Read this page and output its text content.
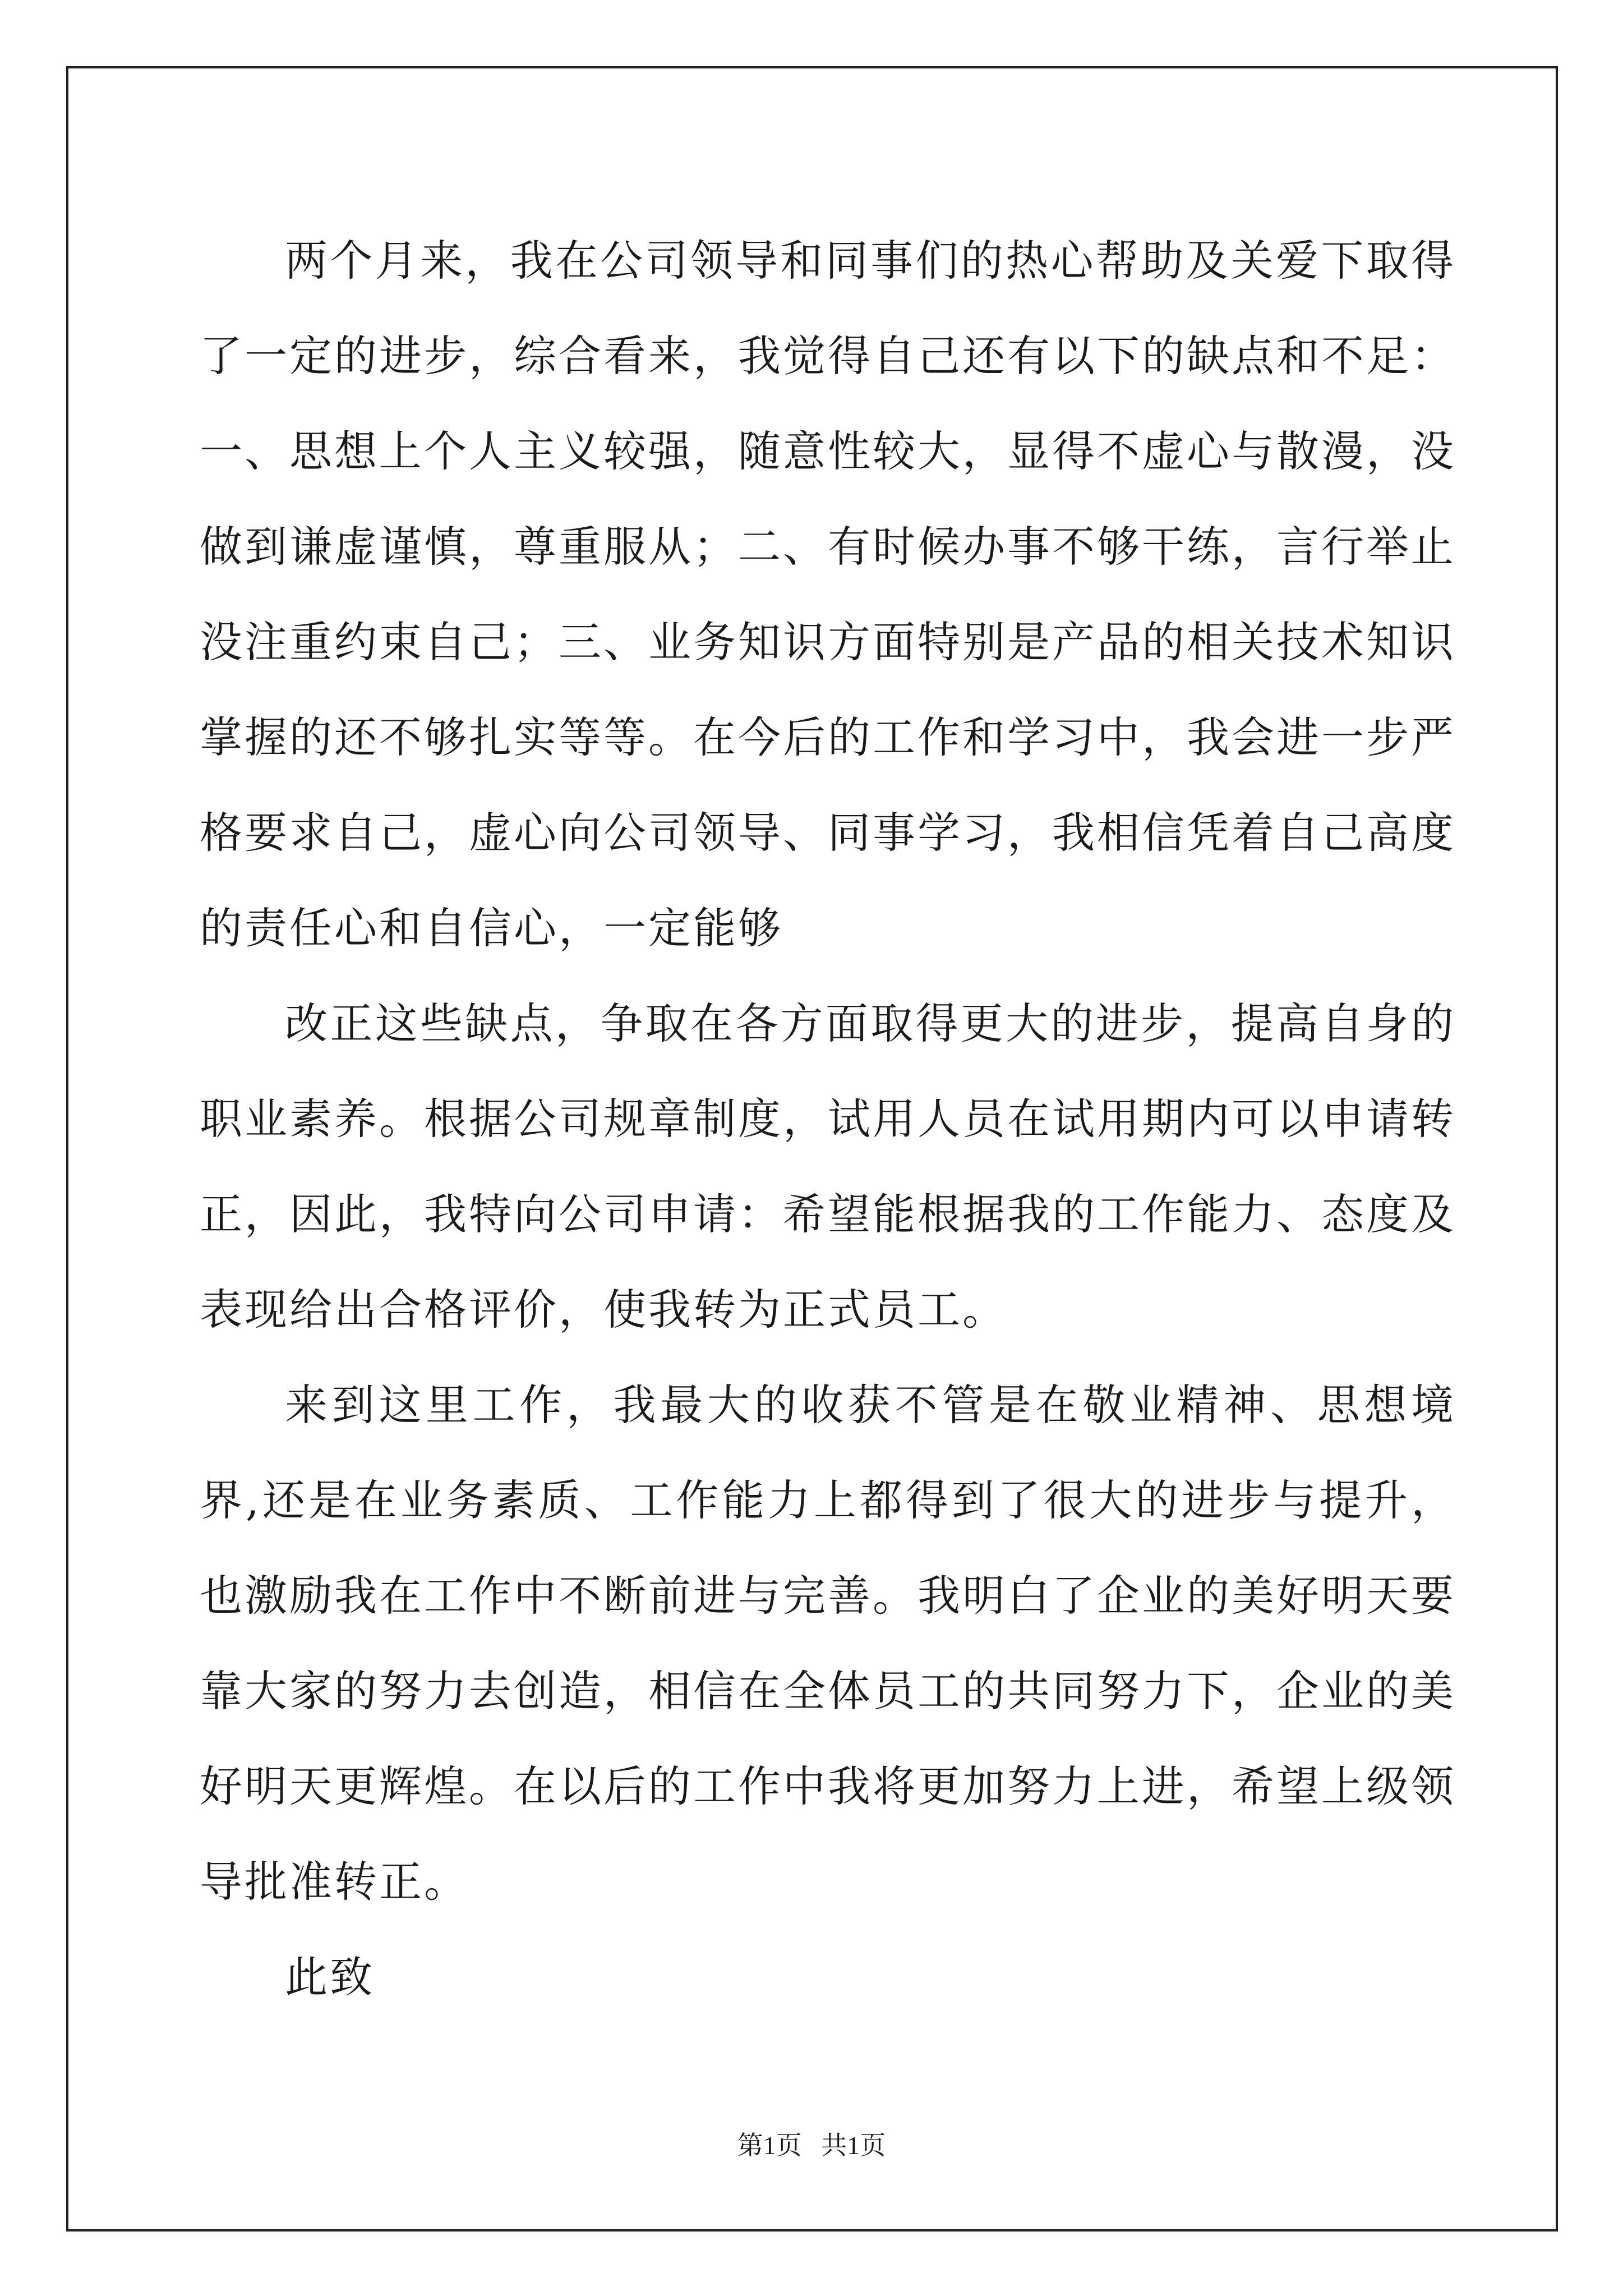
两个月来，我在公司领导和同事们的热心帮助及关爱下取得了一定的进步，综合看来，我觉得自己还有以下的缺点和不足：一、思想上个人主义较强，随意性较大，显得不虚心与散漫，没做到谦虚谨慎，尊重服从；二、有时候办事不够干练，言行举止没注重约束自己；三、业务知识方面特别是产品的相关技术知识掌握的还不够扎实等等。在今后的工作和学习中，我会进一步严格要求自己，虚心向公司领导、同事学习，我相信凭着自己高度的责任心和自信心，一定能够

改正这些缺点，争取在各方面取得更大的进步，提高自身的职业素养。根据公司规章制度，试用人员在试用期内可以申请转正，因此，我特向公司申请：希望能根据我的工作能力、态度及表现给出合格评价，使我转为正式员工。

来到这里工作，我最大的收获不管是在敬业精神、思想境界,还是在业务素质、工作能力上都得到了很大的进步与提升，也激励我在工作中不断前进与完善。我明白了企业的美好明天要靠大家的努力去创造，相信在全体员工的共同努力下，企业的美好明天更辉煌。在以后的工作中我将更加努力上进，希望上级领导批准转正。

此致

第1页   共1页
